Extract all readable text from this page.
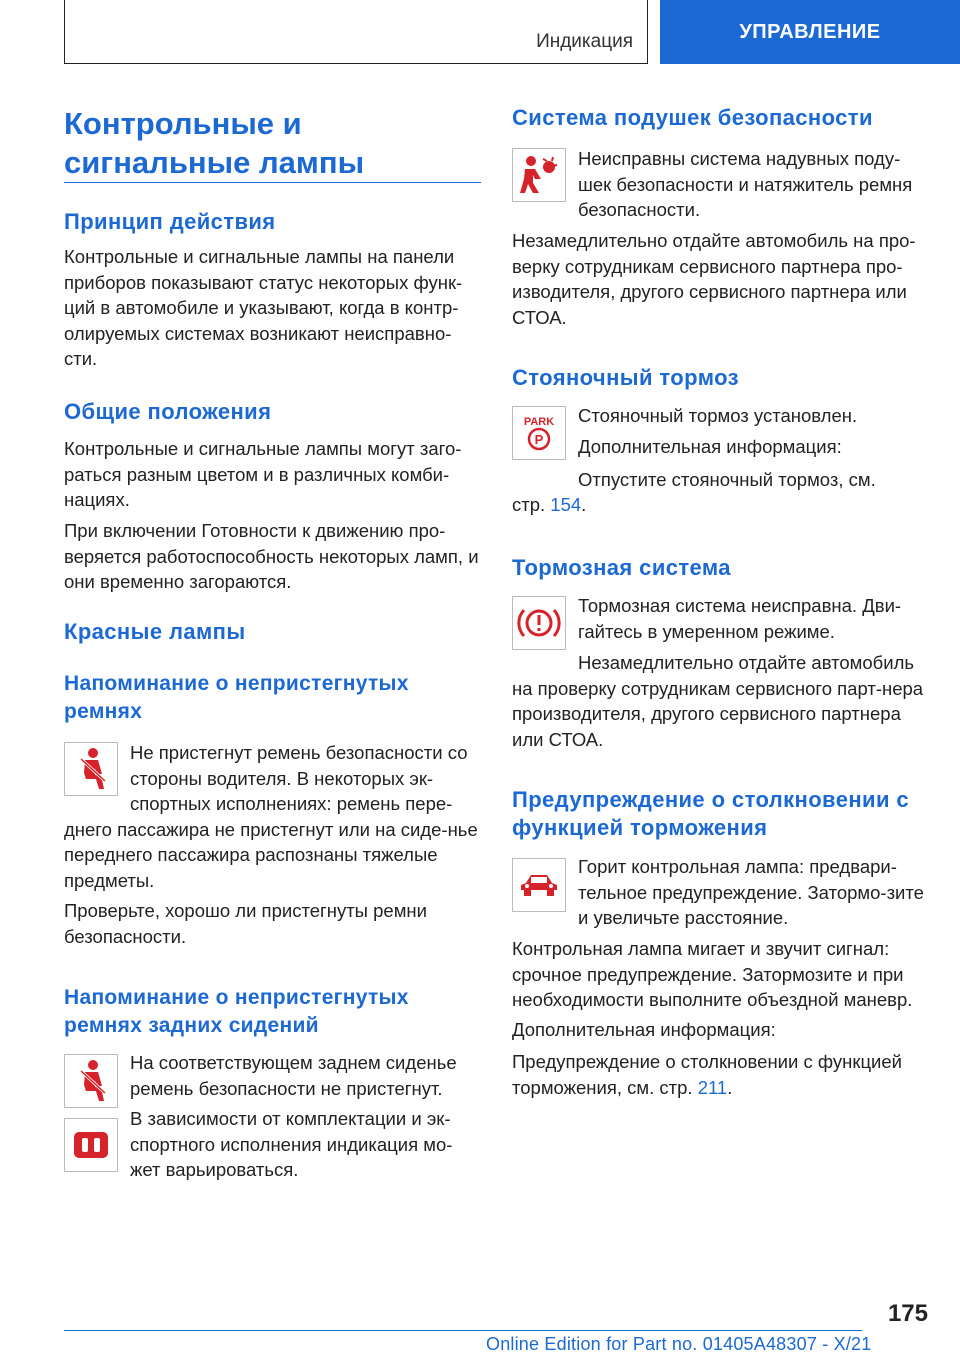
Индикация	УПРАВЛЕНИЕ
Контрольные и
сигнальные лампы
Принцип действия

Контрольные и сигнальные лампы на панели приборов показывают статус некоторых функ-ций в автомобиле и указывают, когда в контр-олируемых системах возникают неисправно-сти.

Общие положения

Контрольные и сигнальные лампы могут заго-раться разным цветом и в различных комби-нациях.

При включении Готовности к движению про-веряется работоспособность некоторых ламп, и они временно загораются.

Красные лампы
Напоминание о непристегнутых ремнях

Не пристегнут ремень безопасности со стороны водителя. В некоторых эк-

спортных исполнениях: ремень пере-днего пассажира не пристегнут или на сиде-нье переднего пассажира распознаны тяжелые предметы.

Проверьте, хорошо ли пристегнуты ремни безопасности.

Напоминание о непристегнутых ремнях задних сидений

На соответствующем заднем сиденье ремень безопасности не пристегнут.

В зависимости от комплектации и эк-спортного исполнения индикация мо-жет варьироваться.

Система подушек безопасности

Неисправны система надувных поду-шек безопасности и натяжитель ремня безопасности.

Незамедлительно отдайте автомобиль на про-верку сотрудникам сервисного партнера про-изводителя, другого сервисного партнера или СТОА.

Стояночный тормоз
PARK
P

Стояночный тормоз установлен.

Дополнительная информация:

Отпустите стояночный тормоз, см.

стр. 154.

Тормозная система

Тормозная система неисправна. Дви-гайтесь в умеренном режиме.

Незамедлительно отдайте автомобиль на проверку сотрудникам сервисного парт-нера производителя, другого сервисного партнера или СТОА.

Предупреждение о столкновении с функцией торможения

Горит контрольная лампа: предвари-тельное предупреждение. Затормо-зите и увеличьте расстояние.

Контрольная лампа мигает и звучит сигнал: срочное предупреждение. Затормозите и при необходимости выполните объездной маневр.

Дополнительная информация:

Предупреждение о столкновении с функцией торможения, см. стр. 211.

175
Online Edition for Part no. 01405A48307 - X/21
